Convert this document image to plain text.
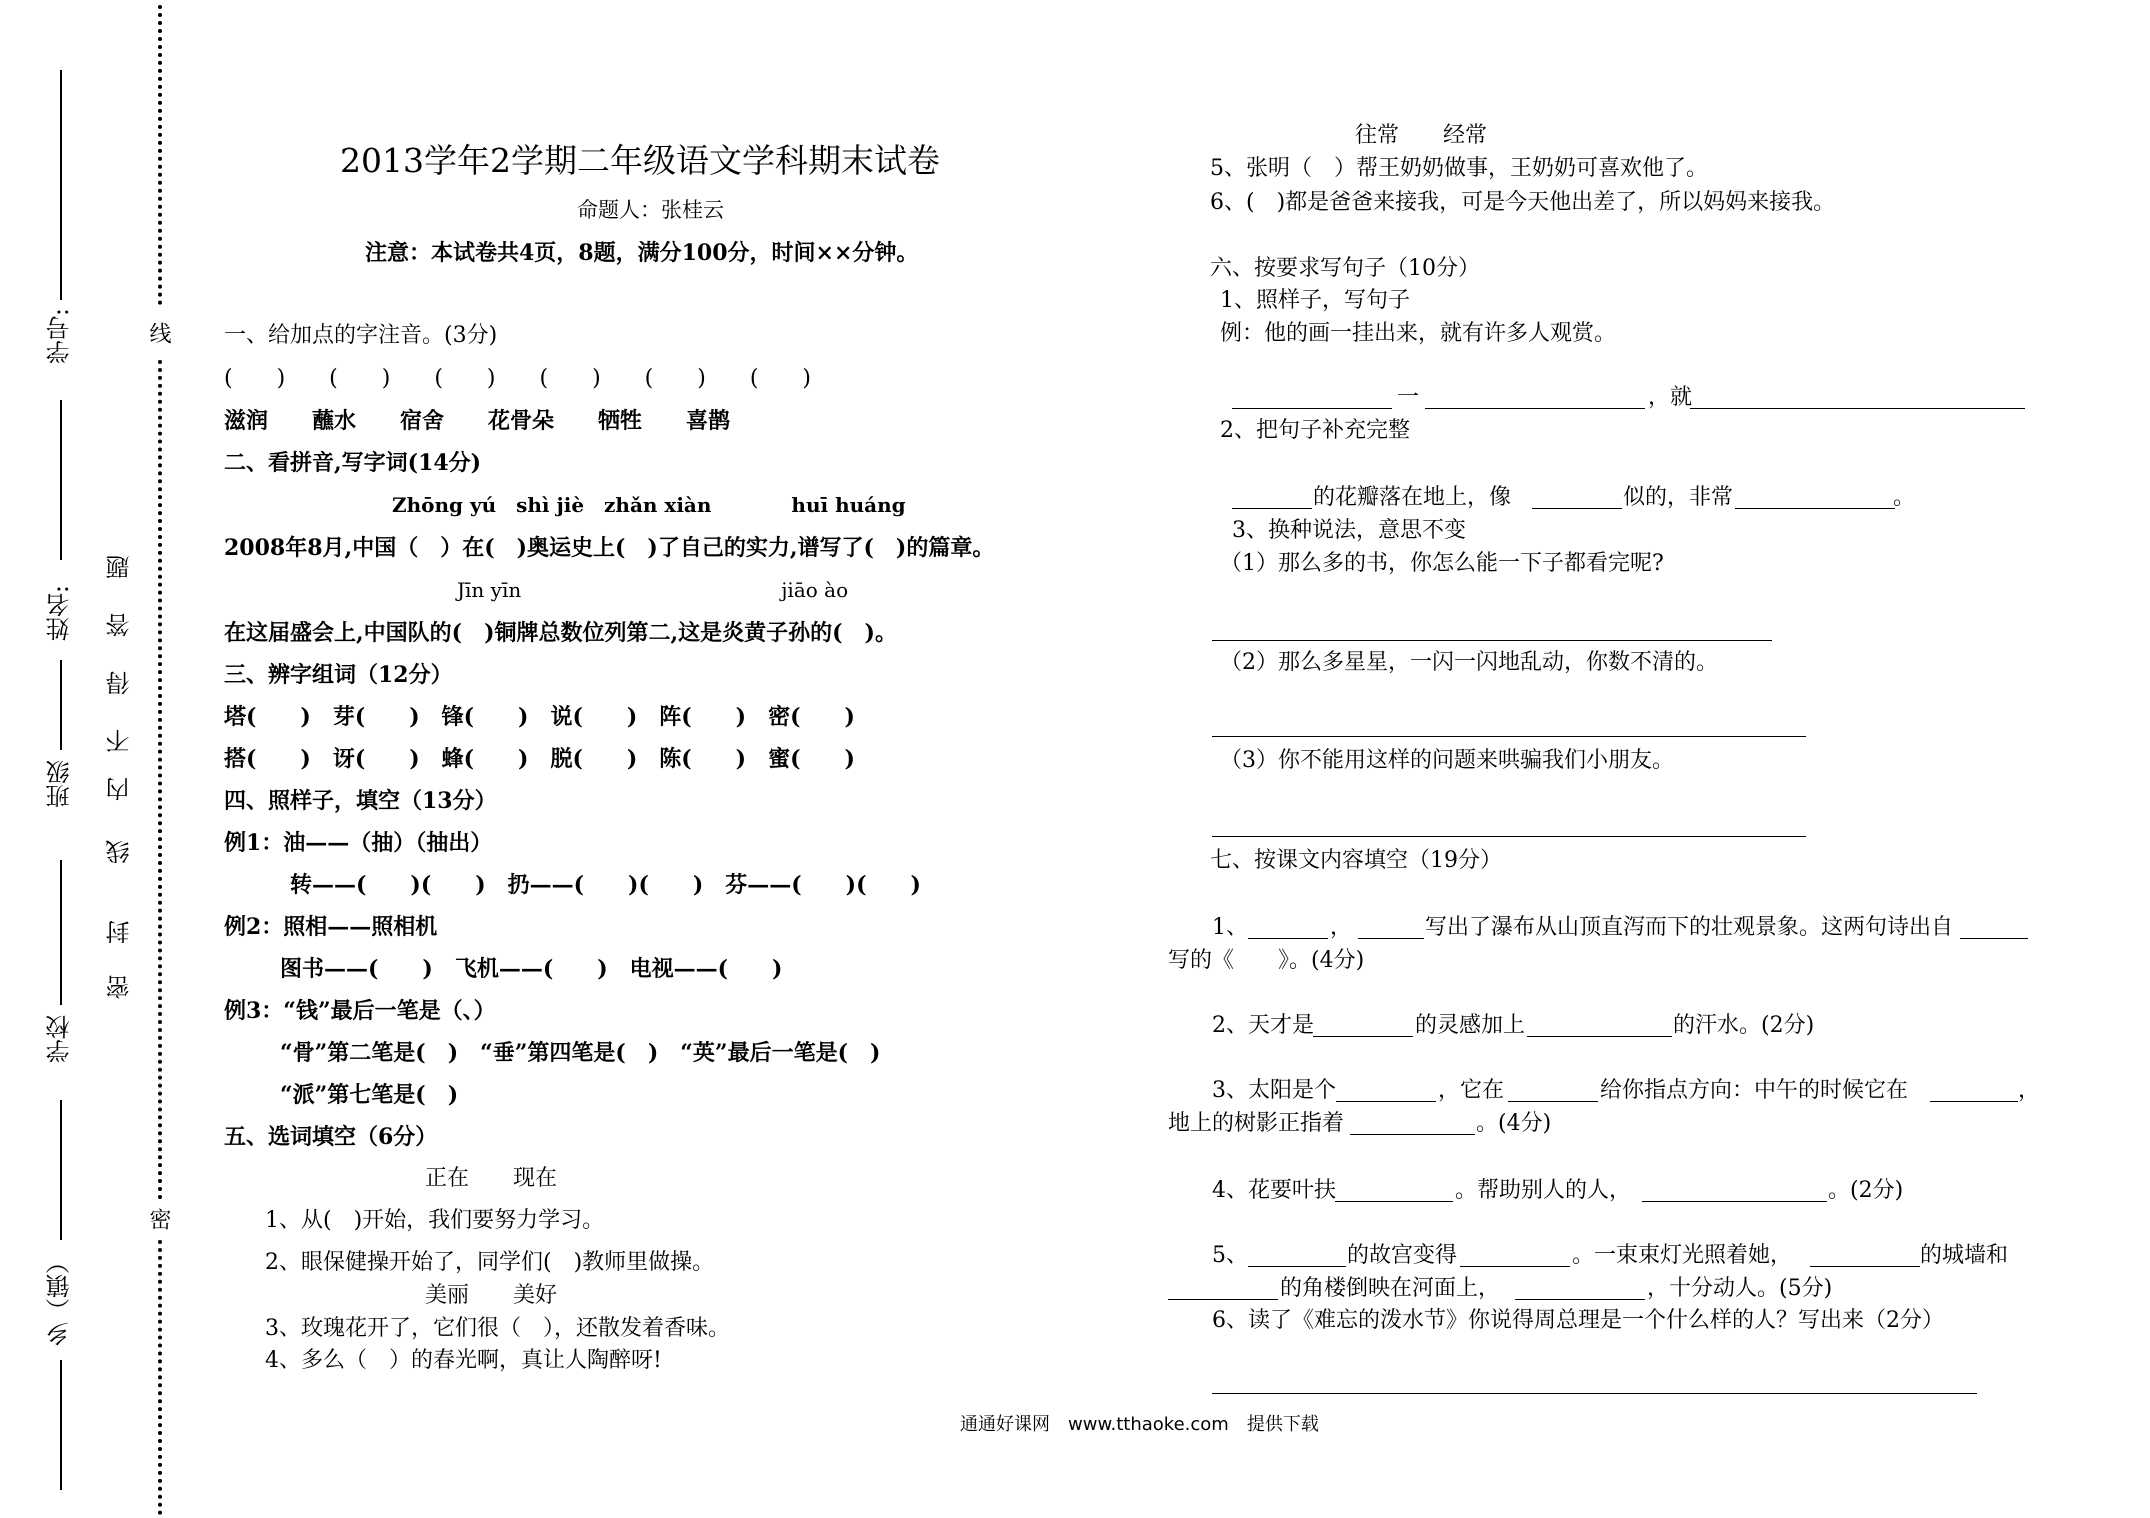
学号:
姓名:
班级
学校
乡（镇）
题
答
得
不
内
线
封
密
线
密
2013学年2学期二年级语文学科期末试卷
命题人：张桂云
注意：本试卷共4页，8题，满分100分，时间××分钟。
一、给加点的字注音。(3分)
(　　)　　(　　)　　(　　)　　(　　)　　(　　)　　(　　)
滋润　　蘸水　　宿舍　　花骨朵　　牺牲　　喜鹊
二、看拼音,写字词(14分)
Zhōng yú　shì jiè　zhǎn xiàn　　　　huī huáng
2008年8月,中国（　）在(　)奥运史上(　)了自己的实力,谱写了(　)的篇章。
Jīn yīn　　　　　　　　　　　　　jiāo ào
在这届盛会上,中国队的(　)铜牌总数位列第二,这是炎黄子孙的(　)。
三、辨字组词（12分）
塔(　　)　芽(　　)　锋(　　)　说(　　)　阵(　　)　密(　　)
搭(　　)　讶(　　)　蜂(　　)　脱(　　)　陈(　　)　蜜(　　)
四、照样子，填空（13分）
例1：油——（抽）（抽出）
转——(　　)(　　)　扔——(　　)(　　)　芬——(　　)(　　)
例2：照相——照相机
图书——(　　)　飞机——(　　)　电视——(　　)
例3：“钱”最后一笔是（、）
“骨”第二笔是(　)　“垂”第四笔是(　)　“英”最后一笔是(　)
“派”第七笔是(　)
五、选词填空（6分）
正在　　现在
1、从(　)开始，我们要努力学习。
2、眼保健操开始了，同学们(　)教师里做操。
美丽　　美好
3、玫瑰花开了，它们很（　），还散发着香味。
4、多么（　）的春光啊，真让人陶醉呀!
往常　　经常
5、张明（　）帮王奶奶做事，王奶奶可喜欢他了。
6、(　)都是爸爸来接我，可是今天他出差了，所以妈妈来接我。
六、按要求写句子（10分）
1、照样子，写句子
例：他的画一挂出来，就有许多人观赏。
一	，就
2、把句子补充完整
的花瓣落在地上，像	似的，非常	。
3、换种说法，意思不变
（1）那么多的书，你怎么能一下子都看完呢?
（2）那么多星星，一闪一闪地乱动，你数不清的。
（3）你不能用这样的问题来哄骗我们小朋友。
七、按课文内容填空（19分）
1、	，	写出了瀑布从山顶直泻而下的壮观景象。这两句诗出自
写的《　　》。(4分)
2、天才是	的灵感加上	的汗水。(2分)
3、太阳是个	，它在	给你指点方向：中午的时候它在	，
地上的树影正指着	。(4分)
4、花要叶扶	。帮助别人的人，	。(2分)
5、	的故宫变得	。一束束灯光照着她，	的城墙和
的角楼倒映在河面上，	，十分动人。(5分)
6、读了《难忘的泼水节》你说得周总理是一个什么样的人？写出来（2分）
通通好课网　www.tthaoke.com　提供下载
